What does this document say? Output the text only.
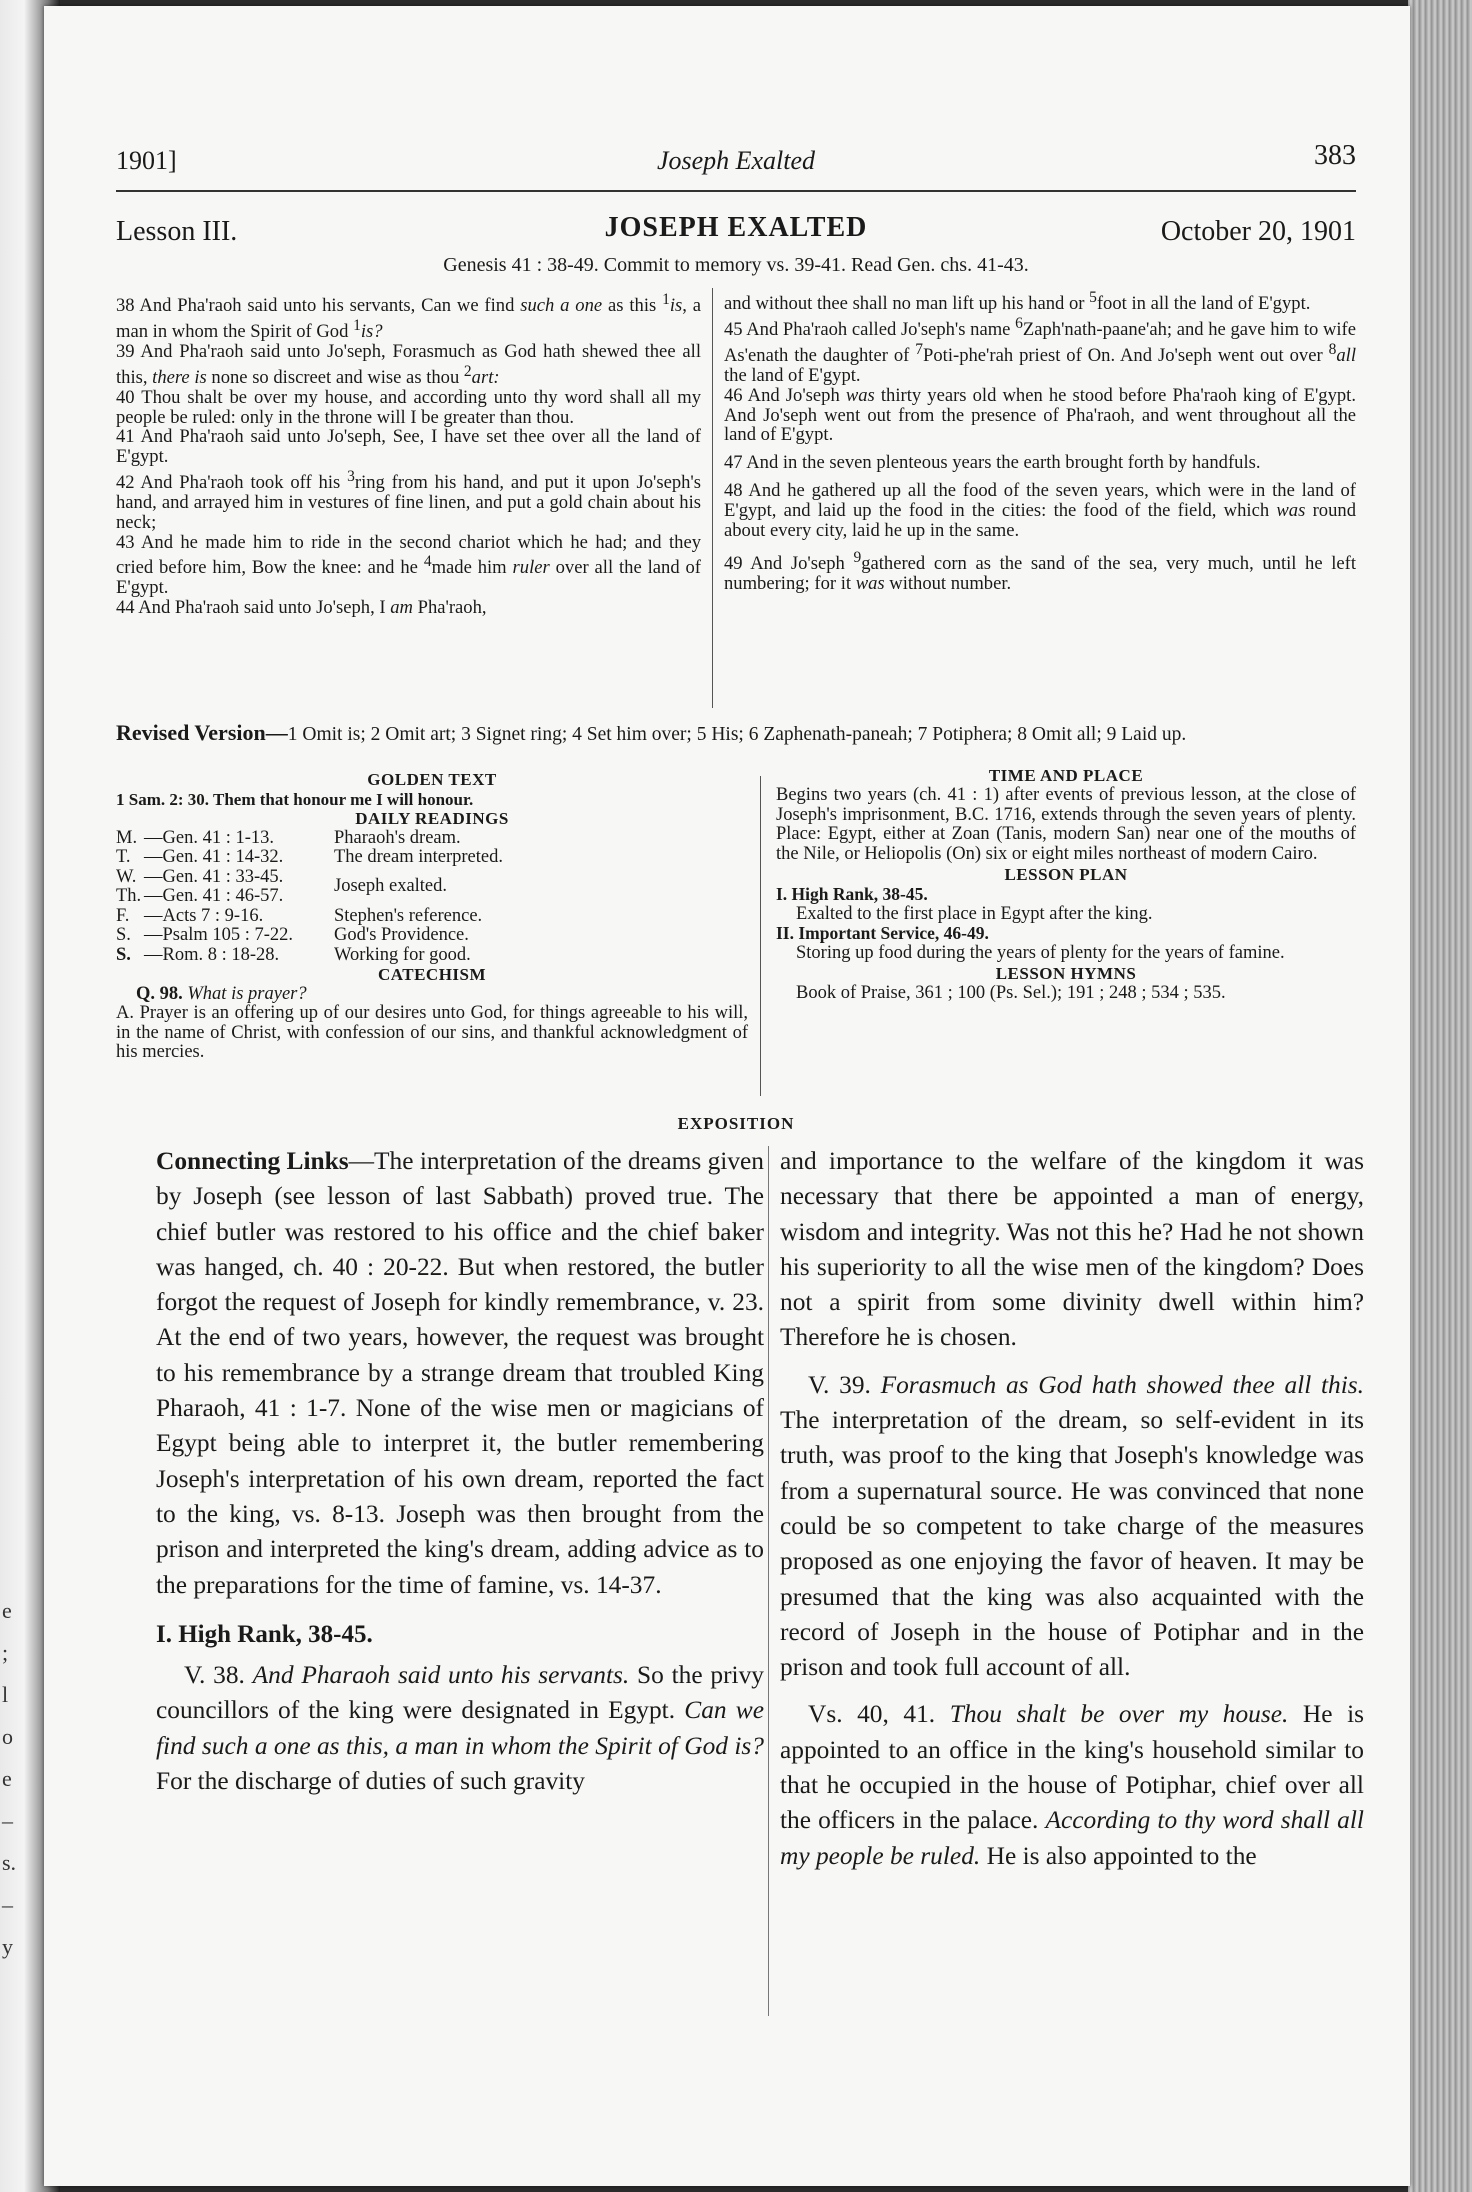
e
;
l
o
e
–
s.
–
y
1901]	Joseph Exalted	383
Lesson III.	JOSEPH EXALTED	October 20, 1901
Genesis 41 : 38-49. Commit to memory vs. 39-41. Read Gen. chs. 41-43.

38 And Pha'raoh said unto his servants, Can we find such a one as this $^1$is, a man in whom the Spirit of God $^1$is?

39 And Pha'raoh said unto Jo'seph, Forasmuch as God hath shewed thee all this, there is none so discreet and wise as thou $^2$art:

40 Thou shalt be over my house, and according unto thy word shall all my people be ruled: only in the throne will I be greater than thou.

41 And Pha'raoh said unto Jo'seph, See, I have set thee over all the land of E'gypt.

42 And Pha'raoh took off his $^3$ring from his hand, and put it upon Jo'seph's hand, and arrayed him in vestures of fine linen, and put a gold chain about his neck;

43 And he made him to ride in the second chariot which he had; and they cried before him, Bow the knee: and he $^4$made him ruler over all the land of E'gypt.

44 And Pha'raoh said unto Jo'seph, I am Pha'raoh,

and without thee shall no man lift up his hand or $^5$foot in all the land of E'gypt.

45 And Pha'raoh called Jo'seph's name $^6$Zaph'nath-paane'ah; and he gave him to wife As'enath the daughter of $^7$Poti-phe'rah priest of On. And Jo'seph went out over $^8$all the land of E'gypt.

46 And Jo'seph was thirty years old when he stood before Pha'raoh king of E'gypt. And Jo'seph went out from the presence of Pha'raoh, and went throughout all the land of E'gypt.

47 And in the seven plenteous years the earth brought forth by handfuls.

48 And he gathered up all the food of the seven years, which were in the land of E'gypt, and laid up the food in the cities: the food of the field, which was round about every city, laid he up in the same.

49 And Jo'seph $^9$gathered corn as the sand of the sea, very much, until he left numbering; for it was without number.

Revised Version—1 Omit is; 2 Omit art; 3 Signet ring; 4 Set him over; 5 His; 6 Zaphenath-paneah; 7 Potiphera; 8 Omit all; 9 Laid up.

GOLDEN TEXT

1 Sam. 2: 30. Them that honour me I will honour.

DAILY READINGS

M.	—Gen. 41 : 1-13.	Pharaoh's dream.
T.	—Gen. 41 : 14-32.	The dream interpreted.
W.	—Gen. 41 : 33-45.	Joseph exalted.
Th.	—Gen. 41 : 46-57.	
F.	—Acts 7 : 9-16.	Stephen's reference.
S.	—Psalm 105 : 7-22.	God's Providence.
S.	—Rom. 8 : 18-28.	Working for good.

CATECHISM

Q. 98. What is prayer?

A. Prayer is an offering up of our desires unto God, for things agreeable to his will, in the name of Christ, with confession of our sins, and thankful acknowledgment of his mercies.

TIME AND PLACE

Begins two years (ch. 41 : 1) after events of previous lesson, at the close of Joseph's imprisonment, B.C. 1716, extends through the seven years of plenty. Place: Egypt, either at Zoan (Tanis, modern San) near one of the mouths of the Nile, or Heliopolis (On) six or eight miles northeast of modern Cairo.

LESSON PLAN

I. High Rank, 38-45.

Exalted to the first place in Egypt after the king.

II. Important Service, 46-49.

Storing up food during the years of plenty for the years of famine.

LESSON HYMNS

Book of Praise, 361 ; 100 (Ps. Sel.); 191 ; 248 ; 534 ; 535.

EXPOSITION

Connecting Links—The interpretation of the dreams given by Joseph (see lesson of last Sabbath) proved true. The chief butler was restored to his office and the chief baker was hanged, ch. 40 : 20-22. But when restored, the butler forgot the request of Joseph for kindly remembrance, v. 23. At the end of two years, however, the request was brought to his remembrance by a strange dream that troubled King Pharaoh, 41 : 1-7. None of the wise men or magicians of Egypt being able to interpret it, the butler remembering Joseph's interpretation of his own dream, reported the fact to the king, vs. 8-13. Joseph was then brought from the prison and interpreted the king's dream, adding advice as to the preparations for the time of famine, vs. 14-37.

I. High Rank, 38-45.

V. 38. And Pharaoh said unto his servants. So the privy councillors of the king were designated in Egypt. Can we find such a one as this, a man in whom the Spirit of God is? For the discharge of duties of such gravity

and importance to the welfare of the kingdom it was necessary that there be appointed a man of energy, wisdom and integrity. Was not this he? Had he not shown his superiority to all the wise men of the kingdom? Does not a spirit from some divinity dwell within him? Therefore he is chosen.

V. 39. Forasmuch as God hath showed thee all this. The interpretation of the dream, so self-evident in its truth, was proof to the king that Joseph's knowledge was from a supernatural source. He was convinced that none could be so competent to take charge of the measures proposed as one enjoying the favor of heaven. It may be presumed that the king was also acquainted with the record of Joseph in the house of Potiphar and in the prison and took full account of all.

Vs. 40, 41. Thou shalt be over my house. He is appointed to an office in the king's household similar to that he occupied in the house of Potiphar, chief over all the officers in the palace. According to thy word shall all my people be ruled. He is also appointed to the
